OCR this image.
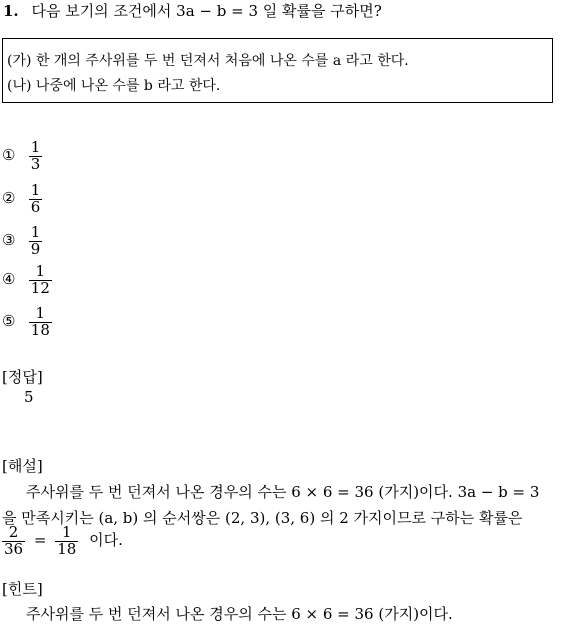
1. 다음 보기의 조건에서 3a − b = 3 일 확률을 구하면?
(가) 한 개의 주사위를 두 번 던져서 처음에 나온 수를 a 라고 한다.
(나) 나중에 나온 수를 b 라고 한다.
① $\frac{1}{3}$
② $\frac{1}{6}$
③ $\frac{1}{9}$
④ $\frac{1}{12}$
⑤ $\frac{1}{18}$
[정답]
5
[해설]
주사위를 두 번 던져서 나온 경우의 수는 6 × 6 = 36 (가지)이다. 3a − b = 3
을 만족시키는 (a, b) 의 순서쌍은 (2, 3), (3, 6) 의 2 가지이므로 구하는 확률은
$\frac{2}{36} = \frac{1}{18}$ 이다.
[힌트]
주사위를 두 번 던져서 나온 경우의 수는 6 × 6 = 36 (가지)이다.
